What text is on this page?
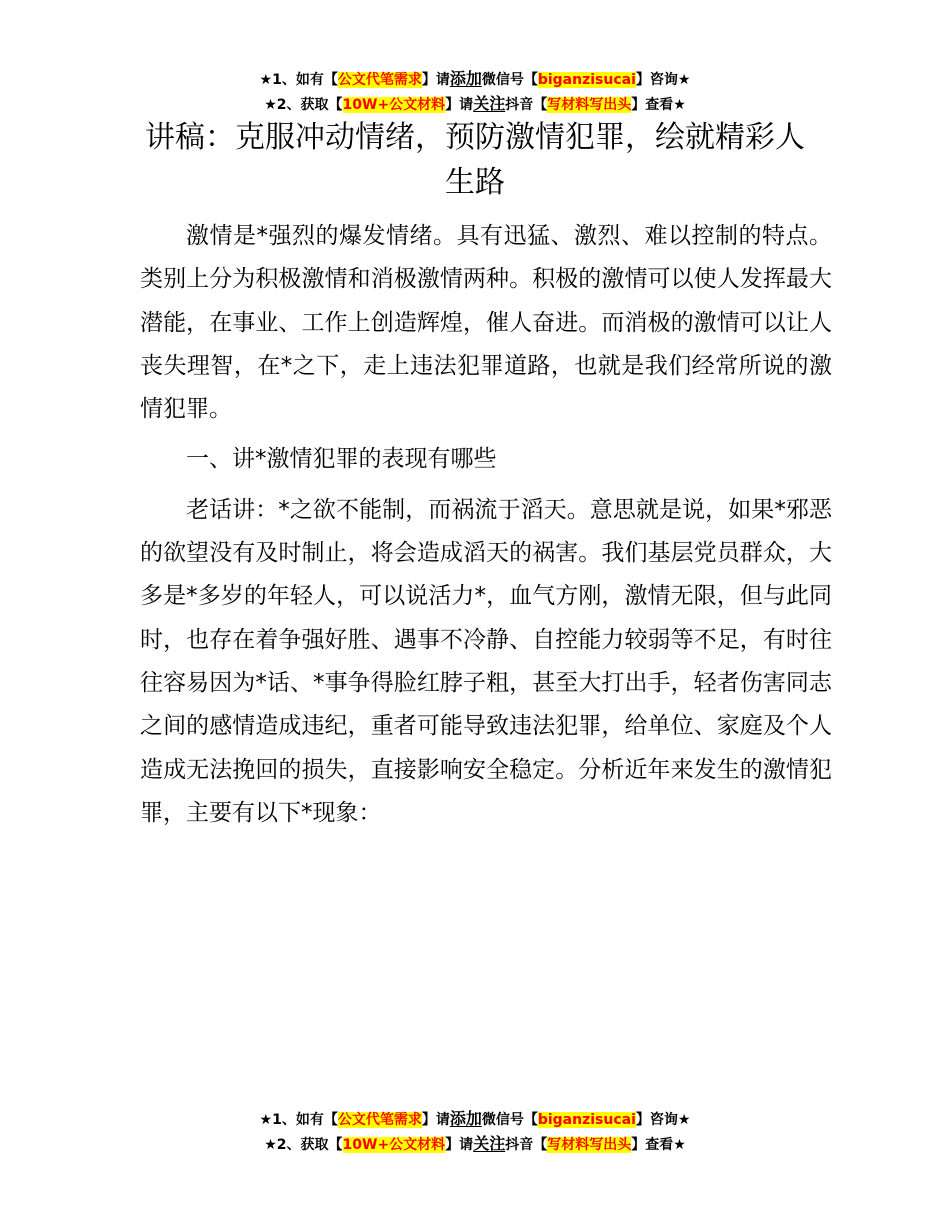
★1、如有【公文代笔需求】请添加微信号【biganzisucai】咨询★
★2、获取【10W+公文材料】请关注抖音【写材料写出头】查看★
讲稿：克服冲动情绪，预防激情犯罪，绘就精彩人生路

激情是*强烈的爆发情绪。具有迅猛、激烈、难以控制的特点。类别上分为积极激情和消极激情两种。积极的激情可以使人发挥最大潜能，在事业、工作上创造辉煌，催人奋进。而消极的激情可以让人丧失理智，在*之下，走上违法犯罪道路，也就是我们经常所说的激情犯罪。

一、讲*激情犯罪的表现有哪些

老话讲：*之欲不能制，而祸流于滔天。意思就是说，如果*邪恶的欲望没有及时制止，将会造成滔天的祸害。我们基层党员群众，大多是*多岁的年轻人，可以说活力*，血气方刚，激情无限，但与此同时，也存在着争强好胜、遇事不冷静、自控能力较弱等不足，有时往往容易因为*话、*事争得脸红脖子粗，甚至大打出手，轻者伤害同志之间的感情造成违纪，重者可能导致违法犯罪，给单位、家庭及个人造成无法挽回的损失，直接影响安全稳定。分析近年来发生的激情犯罪，主要有以下*现象：

★1、如有【公文代笔需求】请添加微信号【biganzisucai】咨询★
★2、获取【10W+公文材料】请关注抖音【写材料写出头】查看★
